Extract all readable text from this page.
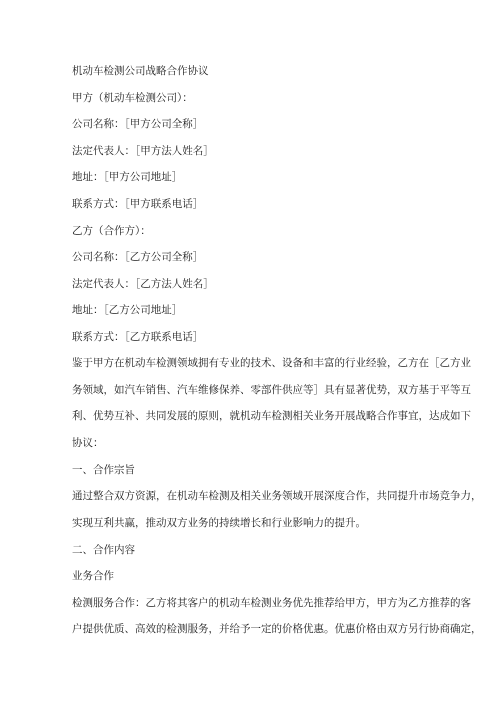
机动车检测公司战略合作协议
甲方（机动车检测公司）：
公司名称：［甲方公司全称］
法定代表人：［甲方法人姓名］
地址：［甲方公司地址］
联系方式：［甲方联系电话］
乙方（合作方）：
公司名称：［乙方公司全称］
法定代表人：［乙方法人姓名］
地址：［乙方公司地址］
联系方式：［乙方联系电话］
鉴于甲方在机动车检测领域拥有专业的技术、设备和丰富的行业经验，乙方在［乙方业
务领域，如汽车销售、汽车维修保养、零部件供应等］具有显著优势，双方基于平等互
利、优势互补、共同发展的原则，就机动车检测相关业务开展战略合作事宜，达成如下
协议：
一、合作宗旨
通过整合双方资源，在机动车检测及相关业务领域开展深度合作，共同提升市场竞争力，
实现互利共赢，推动双方业务的持续增长和行业影响力的提升。
二、合作内容
业务合作
检测服务合作：乙方将其客户的机动车检测业务优先推荐给甲方，甲方为乙方推荐的客
户提供优质、高效的检测服务，并给予一定的价格优惠。优惠价格由双方另行协商确定，
